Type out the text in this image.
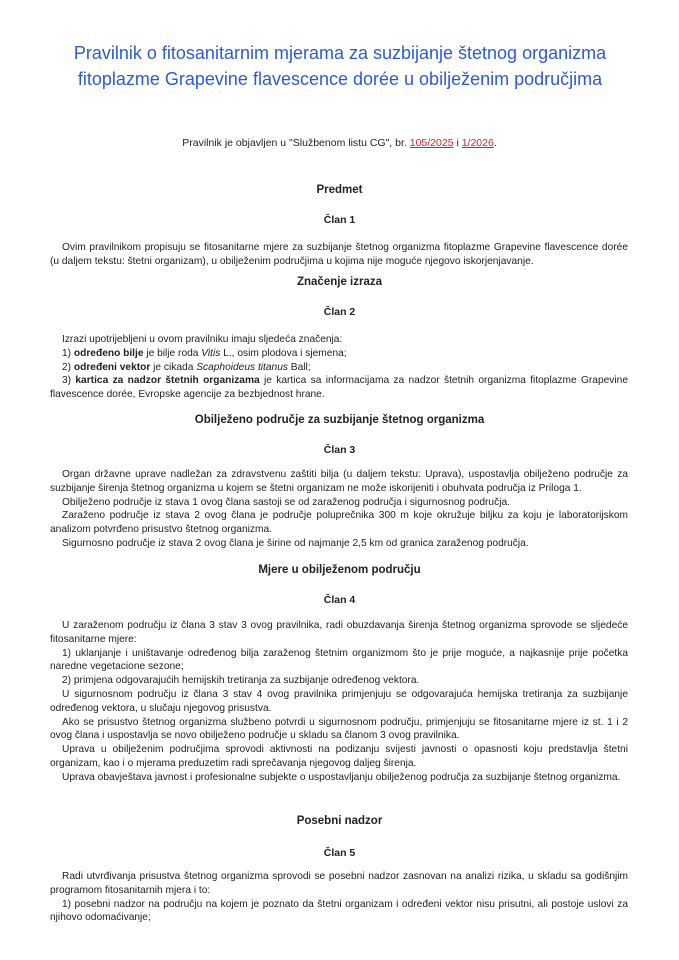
Pravilnik o fitosanitarnim mjerama za suzbijanje štetnog organizma
fitoplazme Grapevine flavescence dorée u obilježenim područjima
Pravilnik je objavljen u "Službenom listu CG", br. 105/2025 i 1/2026.
Predmet
Član 1

Ovim pravilnikom propisuju se fitosanitarne mjere za suzbijanje štetnog organizma fitoplazme Grapevine flavescence dorée (u daljem tekstu: štetni organizam), u obilježenim područjima u kojima nije moguće njegovo iskorjenjavanje.

Značenje izraza
Član 2

Izrazi upotrijebljeni u ovom pravilniku imaju sljedeća značenja:

1) određeno bilje je bilje roda Vitis L., osim plodova i sjemena;

2) određeni vektor je cikada Scaphoideus titanus Ball;

3) kartica za nadzor štetnih organizama je kartica sa informacijama za nadzor štetnih organizma fitoplazme Grapevine flavescence dorée, Evropske agencije za bezbjednost hrane.

Obilježeno područje za suzbijanje štetnog organizma
Član 3

Organ državne uprave nadležan za zdravstvenu zaštiti bilja (u daljem tekstu: Uprava), uspostavlja obilježeno područje za suzbijanje širenja štetnog organizma u kojem se štetni organizam ne može iskorijeniti i obuhvata područja iz Priloga 1.

Obilježeno područje iz stava 1 ovog člana sastoji se od zaraženog područja i sigurnosnog područja.

Zaraženo područje iz stava 2 ovog člana je područje poluprečnika 300 m koje okružuje biljku za koju je laboratorijskom analizom potvrđeno prisustvo štetnog organizma.

Sigurnosno područje iz stava 2 ovog člana je širine od najmanje 2,5 km od granica zaraženog područja.

Mjere u obilježenom području
Član 4

U zaraženom području iz člana 3 stav 3 ovog pravilnika, radi obuzdavanja širenja štetnog organizma sprovode se sljedeće fitosanitarne mjere:

1) uklanjanje i uništavanje određenog bilja zaraženog štetnim organizmom što je prije moguće, a najkasnije prije početka naredne vegetacione sezone;

2) primjena odgovarajućih hemijskih tretiranja za suzbijanje određenog vektora.

U sigurnosnom području iz člana 3 stav 4 ovog pravilnika primjenjuju se odgovarajuća hemijska tretiranja za suzbijanje određenog vektora, u slučaju njegovog prisustva.

Ako se prisustvo štetnog organizma službeno potvrdi u sigurnosnom području, primjenjuju se fitosanitarne mjere iz st. 1 i 2 ovog člana i uspostavlja se novo obilježeno područje u skladu sa članom 3 ovog pravilnika.

Uprava u obilježenim područjima sprovodi aktivnosti na podizanju svijesti javnosti o opasnosti koju predstavlja štetni organizam, kao i o mjerama preduzetim radi sprečavanja njegovog daljeg širenja.

Uprava obavještava javnost i profesionalne subjekte o uspostavljanju obilježenog područja za suzbijanje štetnog organizma.

Posebni nadzor
Član 5

Radi utvrđivanja prisustva štetnog organizma sprovodi se posebni nadzor zasnovan na analizi rizika, u skladu sa godišnjim programom fitosanitarnih mjera i to:

1) posebni nadzor na području na kojem je poznato da štetni organizam i određeni vektor nisu prisutni, ali postoje uslovi za njihovo odomaćivanje;
